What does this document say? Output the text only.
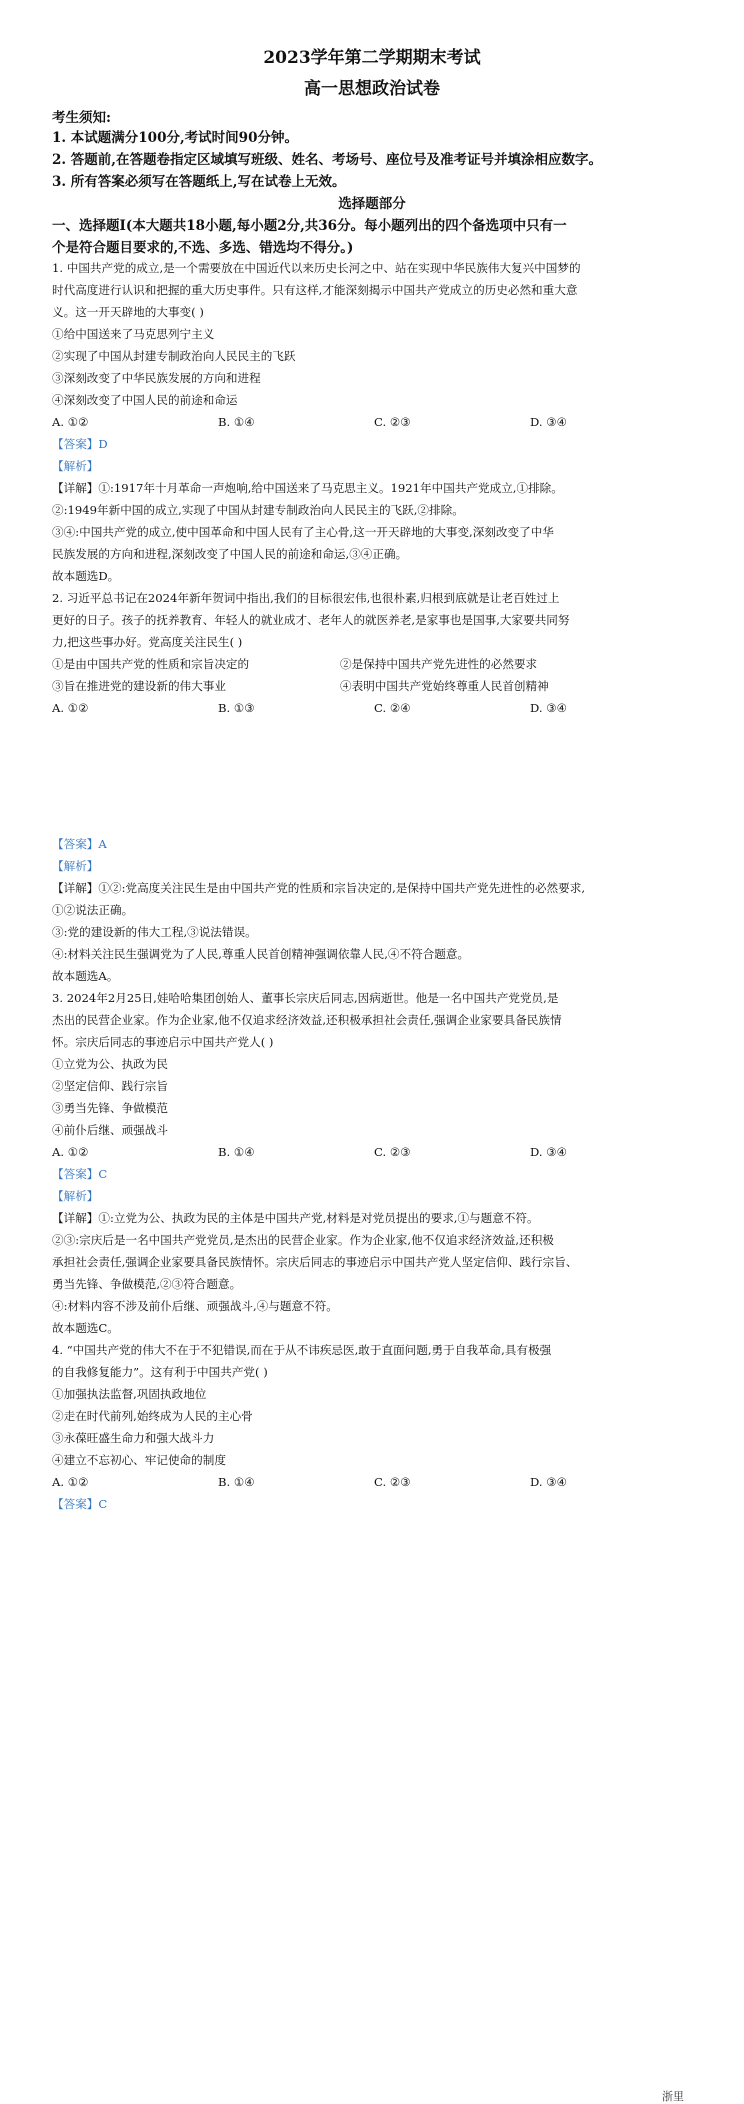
2023学年第二学期期末考试
高一思想政治试卷
考生须知:
1. 本试题满分100分,考试时间90分钟。
2. 答题前,在答题卷指定区域填写班级、姓名、考场号、座位号及准考证号并填涂相应数字。
3. 所有答案必须写在答题纸上,写在试卷上无效。
选择题部分
一、选择题Ⅰ(本大题共18小题,每小题2分,共36分。每小题列出的四个备选项中只有一
个是符合题目要求的,不选、多选、错选均不得分。)
1. 中国共产党的成立,是一个需要放在中国近代以来历史长河之中、站在实现中华民族伟大复兴中国梦的
时代高度进行认识和把握的重大历史事件。只有这样,才能深刻揭示中国共产党成立的历史必然和重大意
义。这一开天辟地的大事变( )
①给中国送来了马克思列宁主义
②实现了中国从封建专制政治向人民民主的飞跃
③深刻改变了中华民族发展的方向和进程
④深刻改变了中国人民的前途和命运
A. ①②	B. ①④	C. ②③	D. ③④
【答案】D
【解析】
【详解】①:1917年十月革命一声炮响,给中国送来了马克思主义。1921年中国共产党成立,①排除。
②:1949年新中国的成立,实现了中国从封建专制政治向人民民主的飞跃,②排除。
③④:中国共产党的成立,使中国革命和中国人民有了主心骨,这一开天辟地的大事变,深刻改变了中华
民族发展的方向和进程,深刻改变了中国人民的前途和命运,③④正确。
故本题选D。
2. 习近平总书记在2024年新年贺词中指出,我们的目标很宏伟,也很朴素,归根到底就是让老百姓过上
更好的日子。孩子的抚养教育、年轻人的就业成才、老年人的就医养老,是家事也是国事,大家要共同努
力,把这些事办好。党高度关注民生( )
①是由中国共产党的性质和宗旨决定的	②是保持中国共产党先进性的必然要求
③旨在推进党的建设新的伟大事业	④表明中国共产党始终尊重人民首创精神
A. ①②	B. ①③	C. ②④	D. ③④
【答案】A
【解析】
【详解】①②:党高度关注民生是由中国共产党的性质和宗旨决定的,是保持中国共产党先进性的必然要求,
①②说法正确。
③:党的建设新的伟大工程,③说法错误。
④:材料关注民生强调党为了人民,尊重人民首创精神强调依靠人民,④不符合题意。
故本题选A。
3. 2024年2月25日,娃哈哈集团创始人、董事长宗庆后同志,因病逝世。他是一名中国共产党党员,是
杰出的民营企业家。作为企业家,他不仅追求经济效益,还积极承担社会责任,强调企业家要具备民族情
怀。宗庆后同志的事迹启示中国共产党人( )
①立党为公、执政为民
②坚定信仰、践行宗旨
③勇当先锋、争做模范
④前仆后继、顽强战斗
A. ①②	B. ①④	C. ②③	D. ③④
【答案】C
【解析】
【详解】①:立党为公、执政为民的主体是中国共产党,材料是对党员提出的要求,①与题意不符。
②③:宗庆后是一名中国共产党党员,是杰出的民营企业家。作为企业家,他不仅追求经济效益,还积极
承担社会责任,强调企业家要具备民族情怀。宗庆后同志的事迹启示中国共产党人坚定信仰、践行宗旨、
勇当先锋、争做模范,②③符合题意。
④:材料内容不涉及前仆后继、顽强战斗,④与题意不符。
故本题选C。
4. “中国共产党的伟大不在于不犯错误,而在于从不讳疾忌医,敢于直面问题,勇于自我革命,具有极强
的自我修复能力”。这有利于中国共产党( )
①加强执法监督,巩固执政地位
②走在时代前列,始终成为人民的主心骨
③永葆旺盛生命力和强大战斗力
④建立不忘初心、牢记使命的制度
A. ①②	B. ①④	C. ②③	D. ③④
【答案】C
浙里
